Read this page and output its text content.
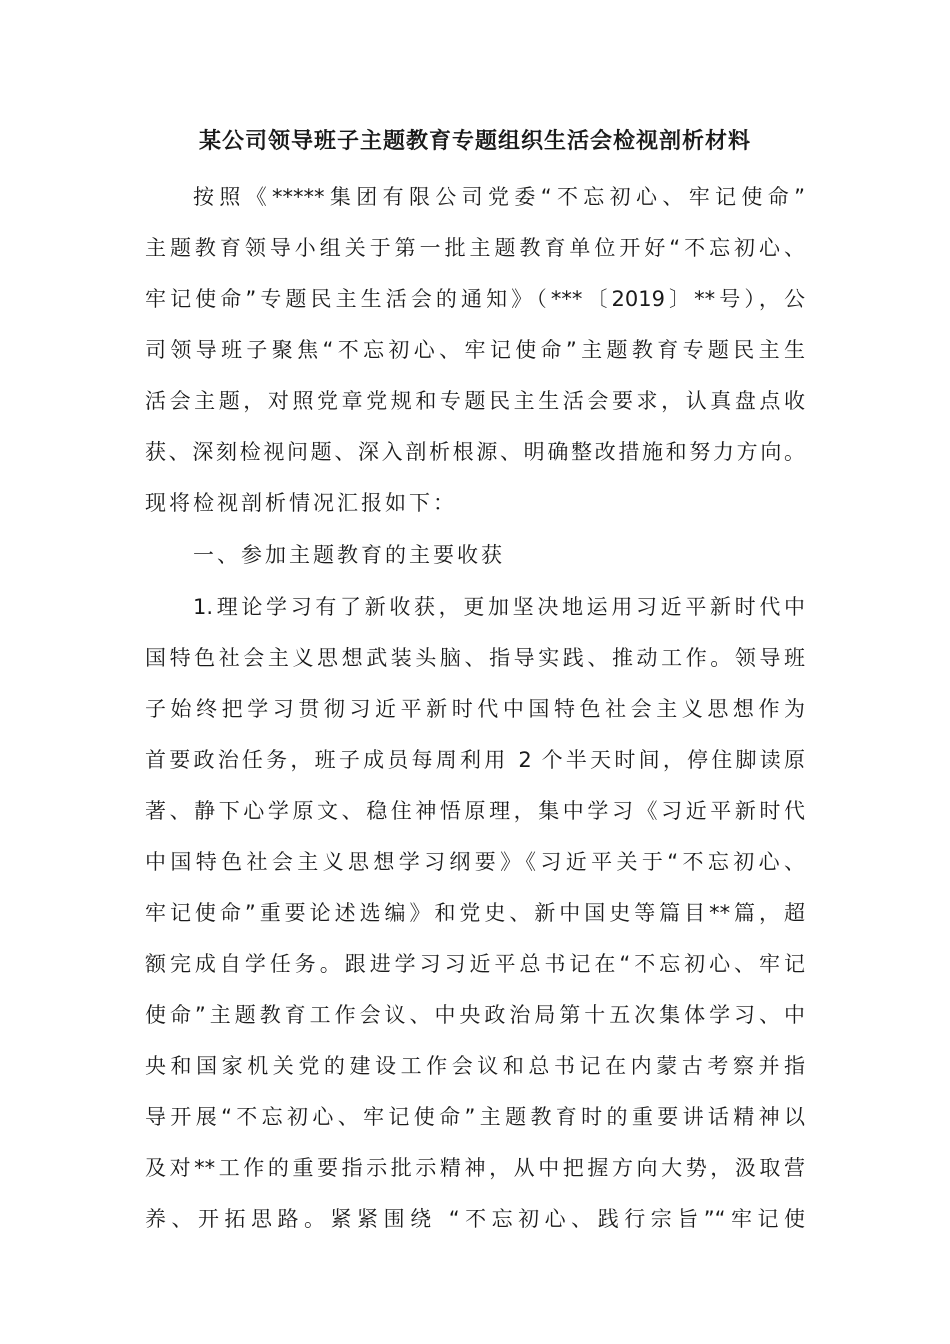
某公司领导班子主题教育专题组织生活会检视剖析材料
按照《*****集团有限公司党委“不忘初心、牢记使命”
主题教育领导小组关于第一批主题教育单位开好“不忘初心、
牢记使命”专题民主生活会的通知》（***〔2019〕**号），公
司领导班子聚焦“不忘初心、牢记使命”主题教育专题民主生
活会主题，对照党章党规和专题民主生活会要求，认真盘点收
获、深刻检视问题、深入剖析根源、明确整改措施和努力方向。
现将检视剖析情况汇报如下：
一、参加主题教育的主要收获
1.理论学习有了新收获，更加坚决地运用习近平新时代中
国特色社会主义思想武装头脑、指导实践、推动工作。领导班
子始终把学习贯彻习近平新时代中国特色社会主义思想作为
首要政治任务，班子成员每周利用 2 个半天时间，停住脚读原
著、静下心学原文、稳住神悟原理，集中学习《习近平新时代
中国特色社会主义思想学习纲要》《习近平关于“不忘初心、
牢记使命”重要论述选编》和党史、新中国史等篇目**篇，超
额完成自学任务。跟进学习习近平总书记在“不忘初心、牢记
使命”主题教育工作会议、中央政治局第十五次集体学习、中
央和国家机关党的建设工作会议和总书记在内蒙古考察并指
导开展“不忘初心、牢记使命”主题教育时的重要讲话精神以
及对**工作的重要指示批示精神，从中把握方向大势，汲取营
养、开拓思路。紧紧围绕 “不忘初心、践行宗旨”“牢记使
